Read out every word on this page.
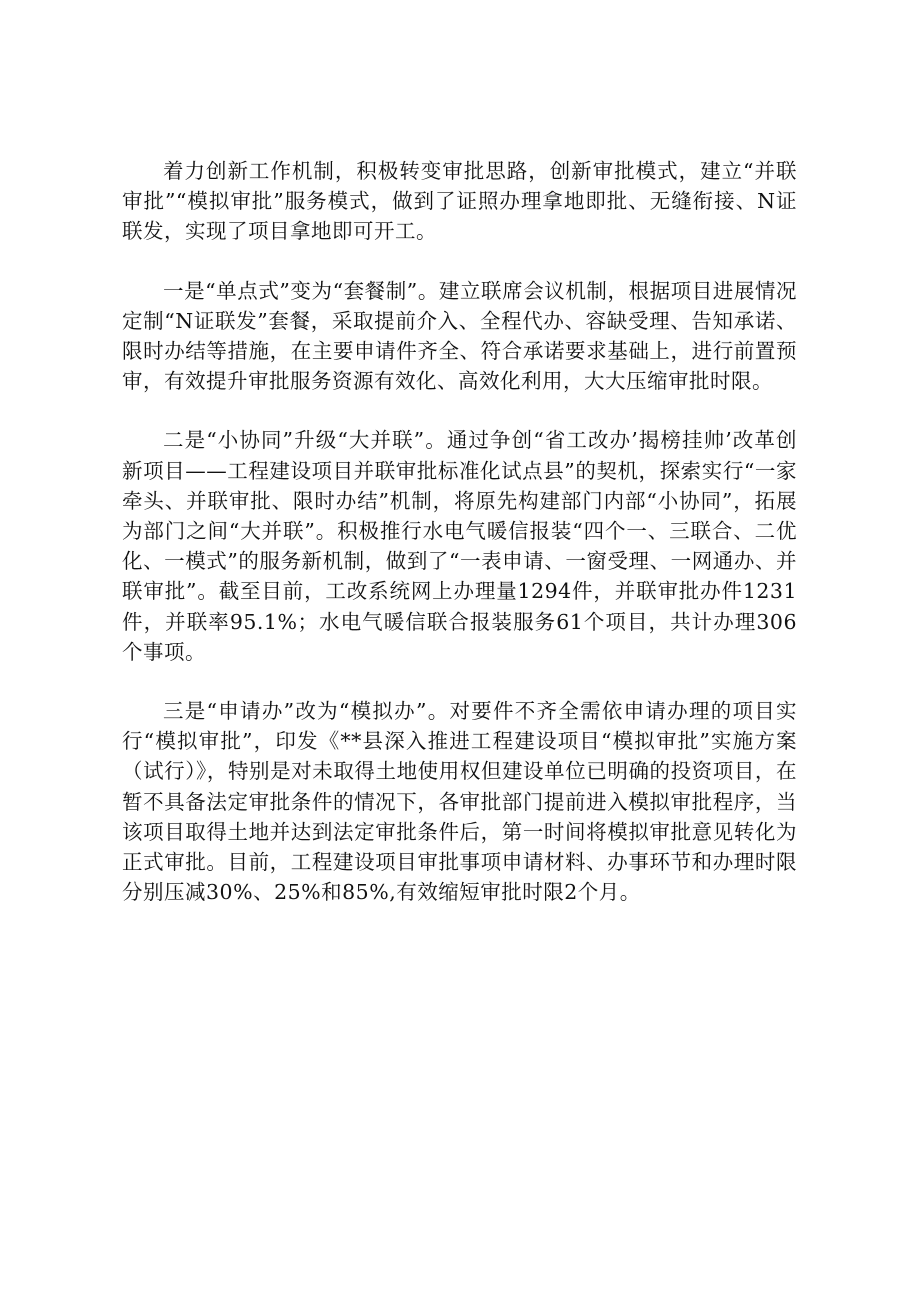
着力创新工作机制，积极转变审批思路，创新审批模式，建立“并联审批”“模拟审批”服务模式，做到了证照办理拿地即批、无缝衔接、N证联发，实现了项目拿地即可开工。

一是“单点式”变为“套餐制”。建立联席会议机制，根据项目进展情况定制“N证联发”套餐，采取提前介入、全程代办、容缺受理、告知承诺、限时办结等措施，在主要申请件齐全、符合承诺要求基础上，进行前置预审，有效提升审批服务资源有效化、高效化利用，大大压缩审批时限。

二是“小协同”升级“大并联”。通过争创“省工改办’揭榜挂帅’改革创新项目——工程建设项目并联审批标准化试点县”的契机，探索实行“一家牵头、并联审批、限时办结”机制，将原先构建部门内部“小协同”，拓展为部门之间“大并联”。积极推行水电气暖信报装“四个一、三联合、二优化、一模式”的服务新机制，做到了“一表申请、一窗受理、一网通办、并联审批”。截至目前，工改系统网上办理量1294件，并联审批办件1231件，并联率95.1%；水电气暖信联合报装服务61个项目，共计办理306个事项。

三是“申请办”改为“模拟办”。对要件不齐全需依申请办理的项目实行“模拟审批”，印发《**县深入推进工程建设项目“模拟审批”实施方案（试行）》，特别是对未取得土地使用权但建设单位已明确的投资项目，在暂不具备法定审批条件的情况下，各审批部门提前进入模拟审批程序，当该项目取得土地并达到法定审批条件后，第一时间将模拟审批意见转化为正式审批。目前，工程建设项目审批事项申请材料、办事环节和办理时限分别压减30%、25%和85%,有效缩短审批时限2个月。
